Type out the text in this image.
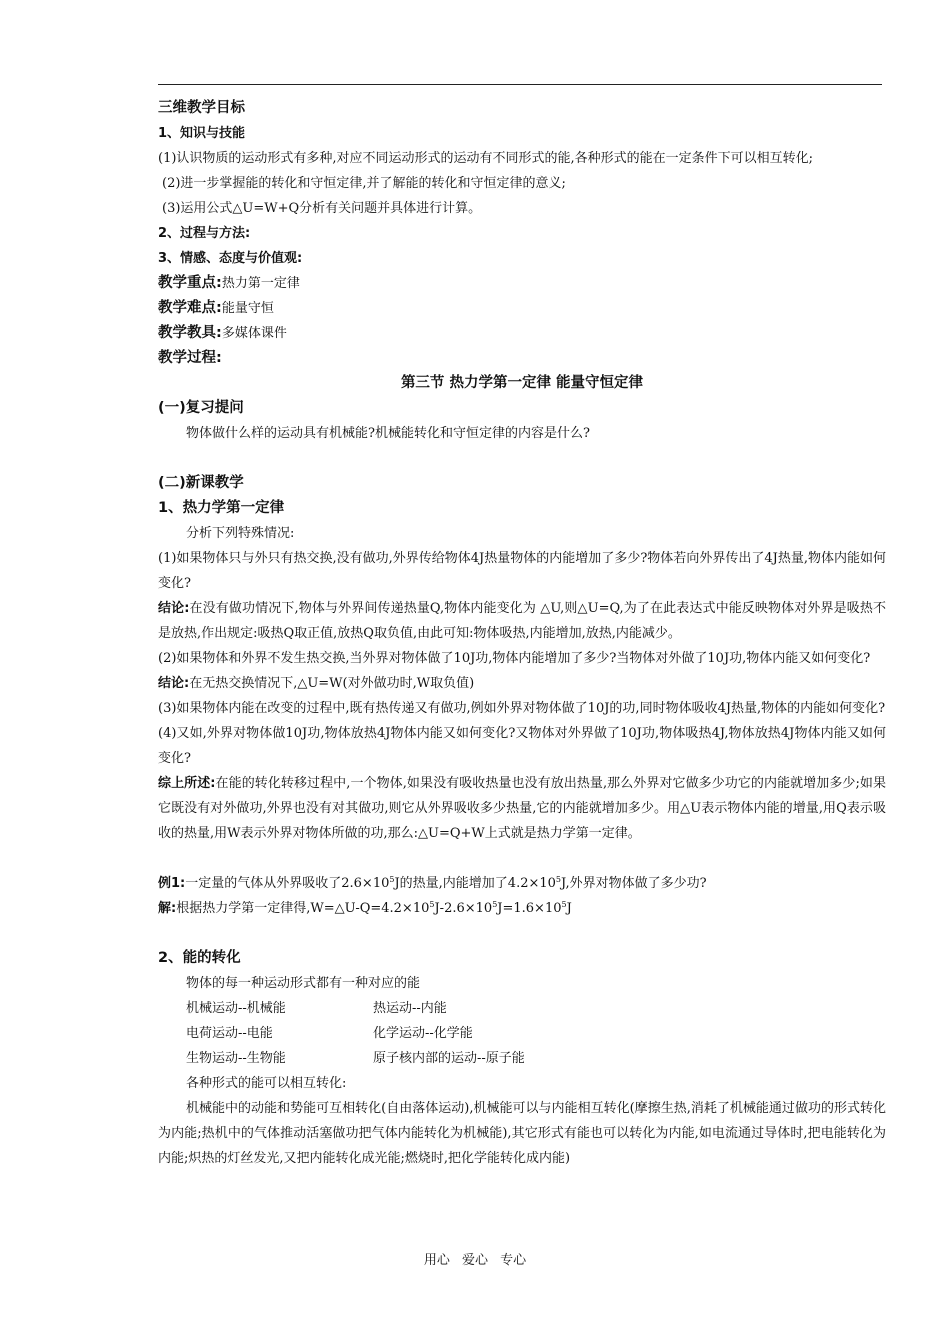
三维教学目标
1、知识与技能
(1)认识物质的运动形式有多种,对应不同运动形式的运动有不同形式的能,各种形式的能在一定条件下可以相互转化;
(2)进一步掌握能的转化和守恒定律,并了解能的转化和守恒定律的意义;
(3)运用公式△U=W+Q分析有关问题并具体进行计算。
2、过程与方法:
3、情感、态度与价值观:
教学重点:热力第一定律
教学难点:能量守恒
教学教具:多媒体课件
教学过程:
第三节 热力学第一定律 能量守恒定律
(一)复习提问
物体做什么样的运动具有机械能?机械能转化和守恒定律的内容是什么?
(二)新课教学
1、热力学第一定律
分析下列特殊情况:
(1)如果物体只与外只有热交换,没有做功,外界传给物体4J热量物体的内能增加了多少?物体若向外界传出了4J热量,物体内能如何变化?
结论:在没有做功情况下,物体与外界间传递热量Q,物体内能变化为 △U,则△U=Q,为了在此表达式中能反映物体对外界是吸热不是放热,作出规定:吸热Q取正值,放热Q取负值,由此可知:物体吸热,内能增加,放热,内能减少。
(2)如果物体和外界不发生热交换,当外界对物体做了10J功,物体内能增加了多少?当物体对外做了10J功,物体内能又如何变化?
结论:在无热交换情况下,△U=W(对外做功时,W取负值)
(3)如果物体内能在改变的过程中,既有热传递又有做功,例如外界对物体做了10J的功,同时物体吸收4J热量,物体的内能如何变化?
(4)又如,外界对物体做10J功,物体放热4J物体内能又如何变化?又物体对外界做了10J功,物体吸热4J,物体放热4J物体内能又如何变化?
综上所述:在能的转化转移过程中,一个物体,如果没有吸收热量也没有放出热量,那么外界对它做多少功它的内能就增加多少;如果它既没有对外做功,外界也没有对其做功,则它从外界吸收多少热量,它的内能就增加多少。用△U表示物体内能的增量,用Q表示吸收的热量,用W表示外界对物体所做的功,那么:△U=Q+W上式就是热力学第一定律。
例1:一定量的气体从外界吸收了$2.6\times 10^5J$的热量,内能增加了$4.2\times 10^5J$,外界对物体做了多少功?
解:根据热力学第一定律得$,W=\triangle U-Q=4.2\times 10^5J-2.6\times 10^5J=1.6\times 10^5J$
2、能的转化
物体的每一种运动形式都有一种对应的能
机械运动--机械能	热运动--内能
电荷运动--电能	化学运动--化学能
生物运动--生物能	原子核内部的运动--原子能
各种形式的能可以相互转化:
机械能中的动能和势能可互相转化(自由落体运动),机械能可以与内能相互转化(摩擦生热,消耗了机械能通过做功的形式转化为内能;热机中的气体推动活塞做功把气体内能转化为机械能),其它形式有能也可以转化为内能,如电流通过导体时,把电能转化为内能;炽热的灯丝发光,又把内能转化成光能;燃烧时,把化学能转化成内能)
用心 爱心 专心
